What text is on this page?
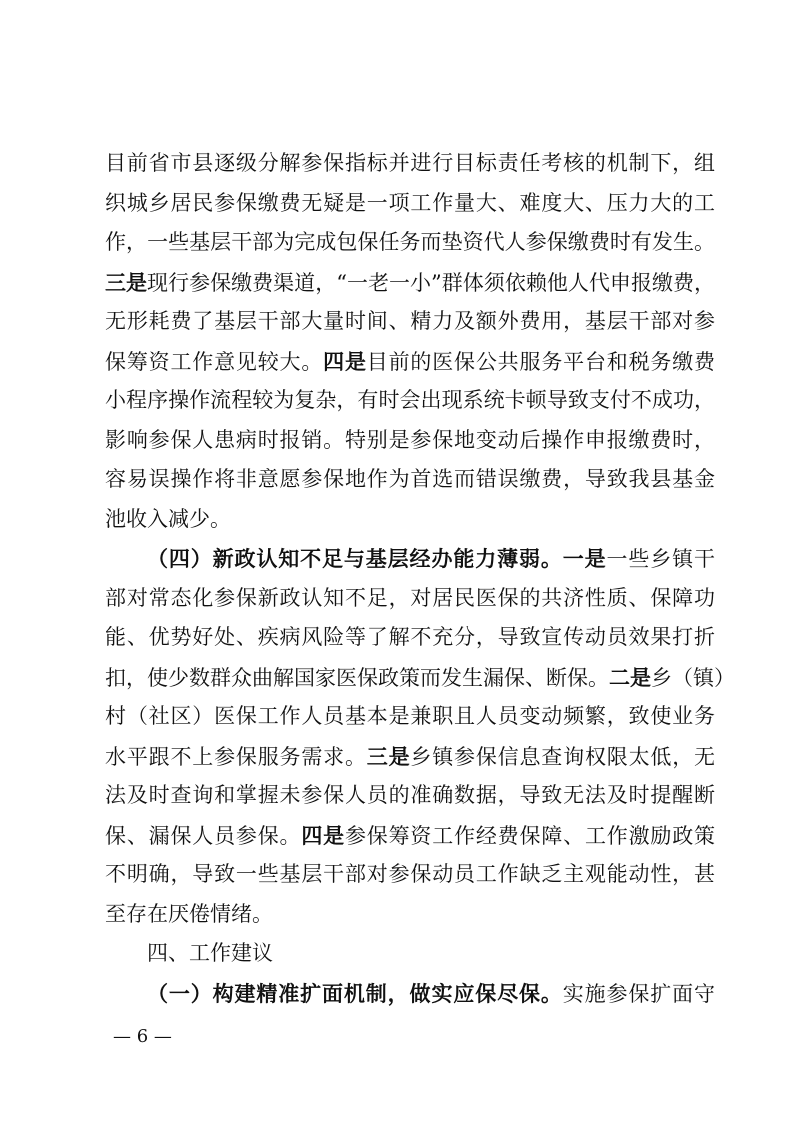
目前省市县逐级分解参保指标并进行目标责任考核的机制下，组
织城乡居民参保缴费无疑是一项工作量大、难度大、压力大的工
作，一些基层干部为完成包保任务而垫资代人参保缴费时有发生。
三是现行参保缴费渠道，“一老一小”群体须依赖他人代申报缴费，
无形耗费了基层干部大量时间、精力及额外费用，基层干部对参
保筹资工作意见较大。四是目前的医保公共服务平台和税务缴费
小程序操作流程较为复杂，有时会出现系统卡顿导致支付不成功，
影响参保人患病时报销。特别是参保地变动后操作申报缴费时，
容易误操作将非意愿参保地作为首选而错误缴费，导致我县基金
池收入减少。
（四）新政认知不足与基层经办能力薄弱。一是一些乡镇干
部对常态化参保新政认知不足，对居民医保的共济性质、保障功
能、优势好处、疾病风险等了解不充分，导致宣传动员效果打折
扣，使少数群众曲解国家医保政策而发生漏保、断保。二是乡（镇）
村（社区）医保工作人员基本是兼职且人员变动频繁，致使业务
水平跟不上参保服务需求。三是乡镇参保信息查询权限太低，无
法及时查询和掌握未参保人员的准确数据，导致无法及时提醒断
保、漏保人员参保。四是参保筹资工作经费保障、工作激励政策
不明确，导致一些基层干部对参保动员工作缺乏主观能动性，甚
至存在厌倦情绪。
四、工作建议
（一）构建精准扩面机制，做实应保尽保。实施参保扩面守
— 6 —
